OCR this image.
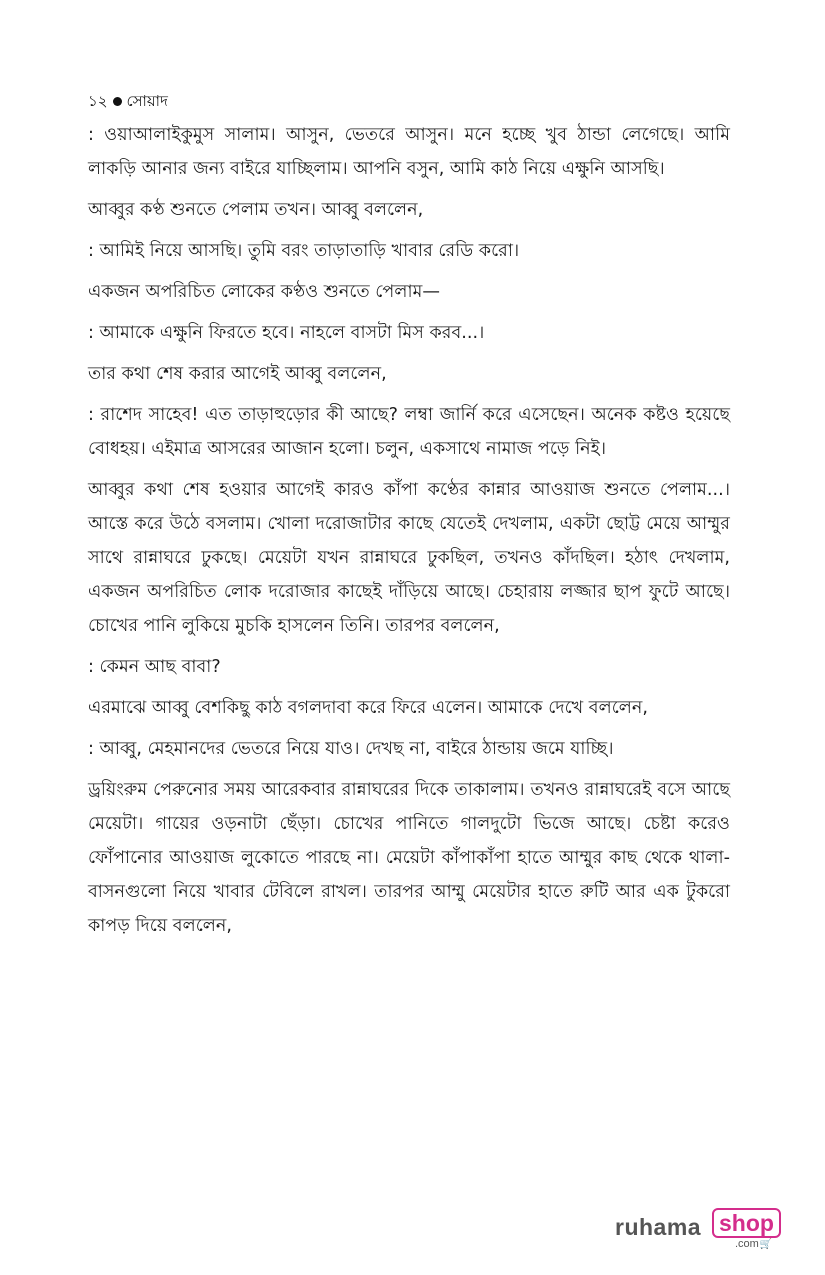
১২ সোয়াদ

: ওয়াআলাইকুমুস সালাম। আসুন, ভেতরে আসুন। মনে হচ্ছে খুব ঠান্ডা লেগেছে। আমি লাকড়ি আনার জন্য বাইরে যাচ্ছিলাম। আপনি বসুন, আমি কাঠ নিয়ে এক্ষুনি আসছি।

আব্বুর কণ্ঠ শুনতে পেলাম তখন। আব্বু বললেন,

: আমিই নিয়ে আসছি। তুমি বরং তাড়াতাড়ি খাবার রেডি করো।

একজন অপরিচিত লোকের কণ্ঠও শুনতে পেলাম—

: আমাকে এক্ষুনি ফিরতে হবে। নাহলে বাসটা মিস করব...।

তার কথা শেষ করার আগেই আব্বু বললেন,

: রাশেদ সাহেব! এত তাড়াহুড়োর কী আছে? লম্বা জার্নি করে এসেছেন। অনেক কষ্টও হয়েছে বোধহয়। এইমাত্র আসরের আজান হলো। চলুন, একসাথে নামাজ পড়ে নিই।

আব্বুর কথা শেষ হওয়ার আগেই কারও কাঁপা কণ্ঠের কান্নার আওয়াজ শুনতে পেলাম...। আস্তে করে উঠে বসলাম। খোলা দরোজাটার কাছে যেতেই দেখলাম, একটা ছোট্ট মেয়ে আম্মুর সাথে রান্নাঘরে ঢুকছে। মেয়েটা যখন রান্নাঘরে ঢুকছিল, তখনও কাঁদছিল। হঠাৎ দেখলাম, একজন অপরিচিত লোক দরোজার কাছেই দাঁড়িয়ে আছে। চেহারায় লজ্জার ছাপ ফুটে আছে। চোখের পানি লুকিয়ে মুচকি হাসলেন তিনি। তারপর বললেন,

: কেমন আছ বাবা?

এরমাঝে আব্বু বেশকিছু কাঠ বগলদাবা করে ফিরে এলেন। আমাকে দেখে বললেন,

: আব্বু, মেহমানদের ভেতরে নিয়ে যাও। দেখছ না, বাইরে ঠান্ডায় জমে যাচ্ছি।

ড্রয়িংরুম পেরুনোর সময় আরেকবার রান্নাঘরের দিকে তাকালাম। তখনও রান্নাঘরেই বসে আছে মেয়েটা। গায়ের ওড়নাটা ছেঁড়া। চোখের পানিতে গালদুটো ভিজে আছে। চেষ্টা করেও ফোঁপানোর আওয়াজ লুকোতে পারছে না। মেয়েটা কাঁপাকাঁপা হাতে আম্মুর কাছ থেকে থালা-বাসনগুলো নিয়ে খাবার টেবিলে রাখল। তারপর আম্মু মেয়েটার হাতে রুটি আর এক টুকরো কাপড় দিয়ে বললেন,

ruhama shop
.com🛒
